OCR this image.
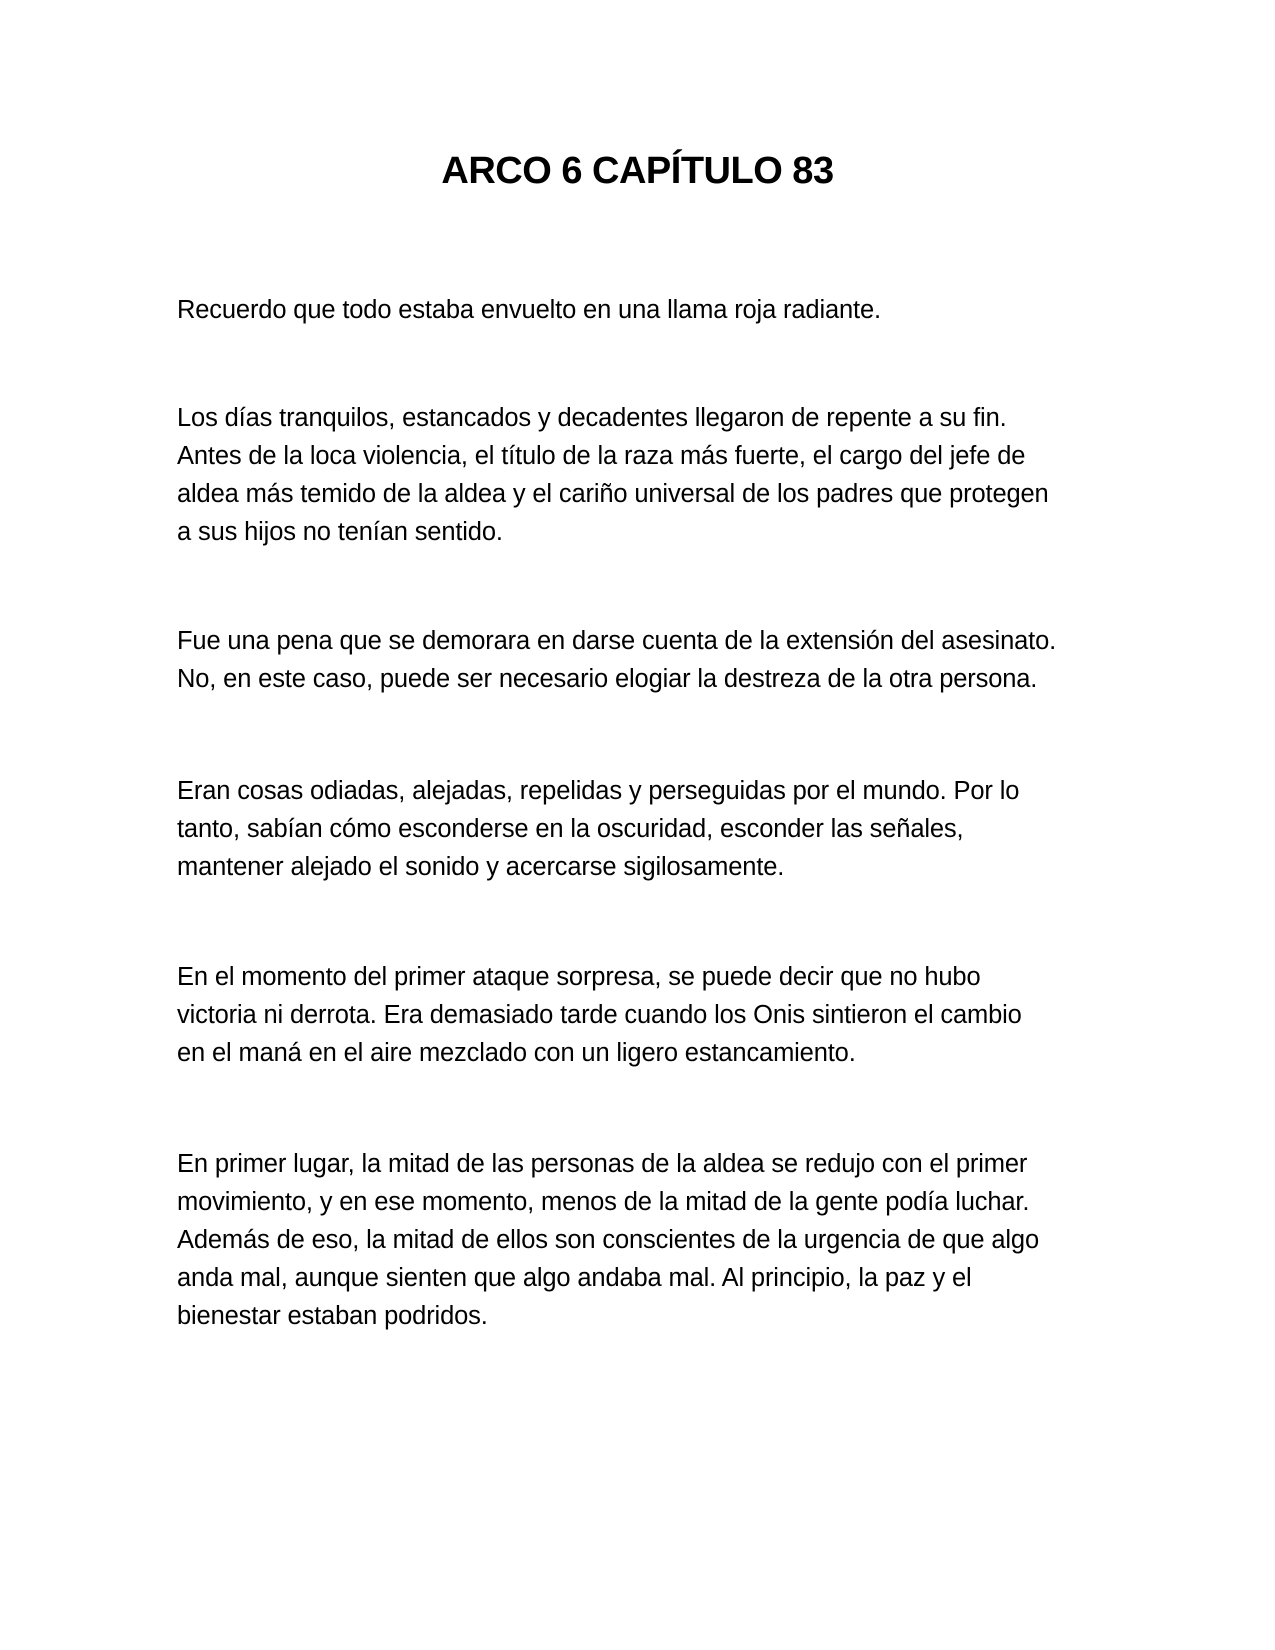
ARCO 6 CAPÍTULO 83

Recuerdo que todo estaba envuelto en una llama roja radiante.

Los días tranquilos, estancados y decadentes llegaron de repente a su fin.
Antes de la loca violencia, el título de la raza más fuerte, el cargo del jefe de
aldea más temido de la aldea y el cariño universal de los padres que protegen
a sus hijos no tenían sentido.

Fue una pena que se demorara en darse cuenta de la extensión del asesinato.
No, en este caso, puede ser necesario elogiar la destreza de la otra persona.

Eran cosas odiadas, alejadas, repelidas y perseguidas por el mundo. Por lo
tanto, sabían cómo esconderse en la oscuridad, esconder las señales,
mantener alejado el sonido y acercarse sigilosamente.

En el momento del primer ataque sorpresa, se puede decir que no hubo
victoria ni derrota. Era demasiado tarde cuando los Onis sintieron el cambio
en el maná en el aire mezclado con un ligero estancamiento.

En primer lugar, la mitad de las personas de la aldea se redujo con el primer
movimiento, y en ese momento, menos de la mitad de la gente podía luchar.
Además de eso, la mitad de ellos son conscientes de la urgencia de que algo
anda mal, aunque sienten que algo andaba mal. Al principio, la paz y el
bienestar estaban podridos.
